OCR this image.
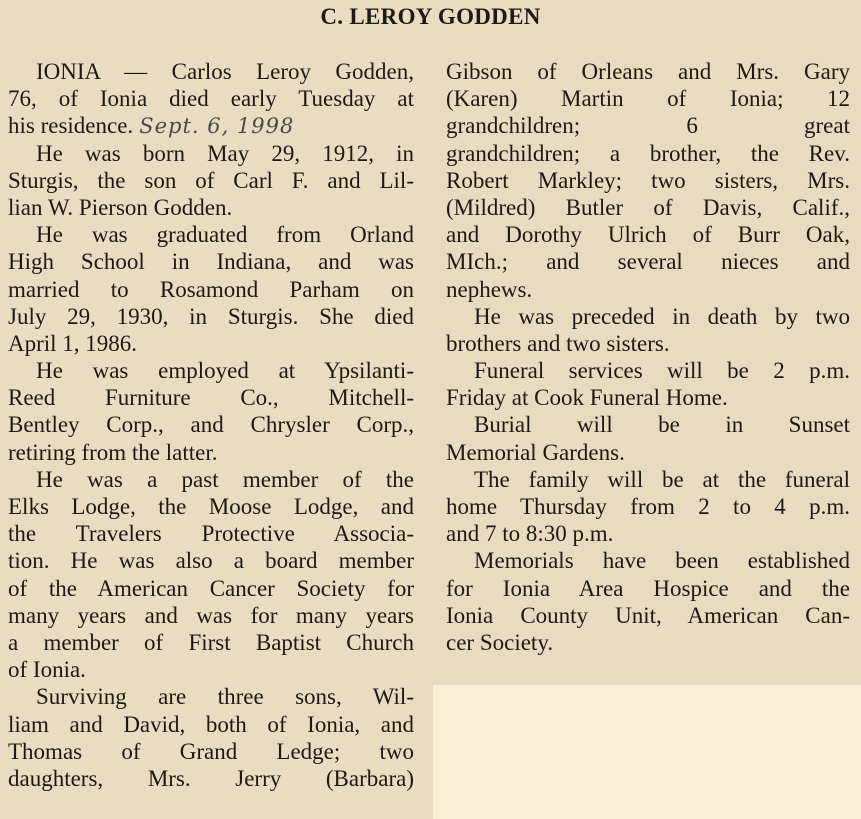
C. LEROY GODDEN
IONIA — Carlos Leroy Godden,
76, of Ionia died early Tuesday at
his residence. Sept. 6, 1998
He was born May 29, 1912, in
Sturgis, the son of Carl F. and Lil-
lian W. Pierson Godden.
He was graduated from Orland
High School in Indiana, and was
married to Rosamond Parham on
July 29, 1930, in Sturgis. She died
April 1, 1986.
He was employed at Ypsilanti-
Reed Furniture Co., Mitchell-
Bentley Corp., and Chrysler Corp.,
retiring from the latter.
He was a past member of the
Elks Lodge, the Moose Lodge, and
the Travelers Protective Associa-
tion. He was also a board member
of the American Cancer Society for
many years and was for many years
a member of First Baptist Church
of Ionia.
Surviving are three sons, Wil-
liam and David, both of Ionia, and
Thomas of Grand Ledge; two
daughters, Mrs. Jerry (Barbara)
Gibson of Orleans and Mrs. Gary
(Karen) Martin of Ionia; 12
grandchildren; 6 great
grandchildren; a brother, the Rev.
Robert Markley; two sisters, Mrs.
(Mildred) Butler of Davis, Calif.,
and Dorothy Ulrich of Burr Oak,
MIch.; and several nieces and
nephews.
He was preceded in death by two
brothers and two sisters.
Funeral services will be 2 p.m.
Friday at Cook Funeral Home.
Burial will be in Sunset
Memorial Gardens.
The family will be at the funeral
home Thursday from 2 to 4 p.m.
and 7 to 8:30 p.m.
Memorials have been established
for Ionia Area Hospice and the
Ionia County Unit, American Can-
cer Society.
